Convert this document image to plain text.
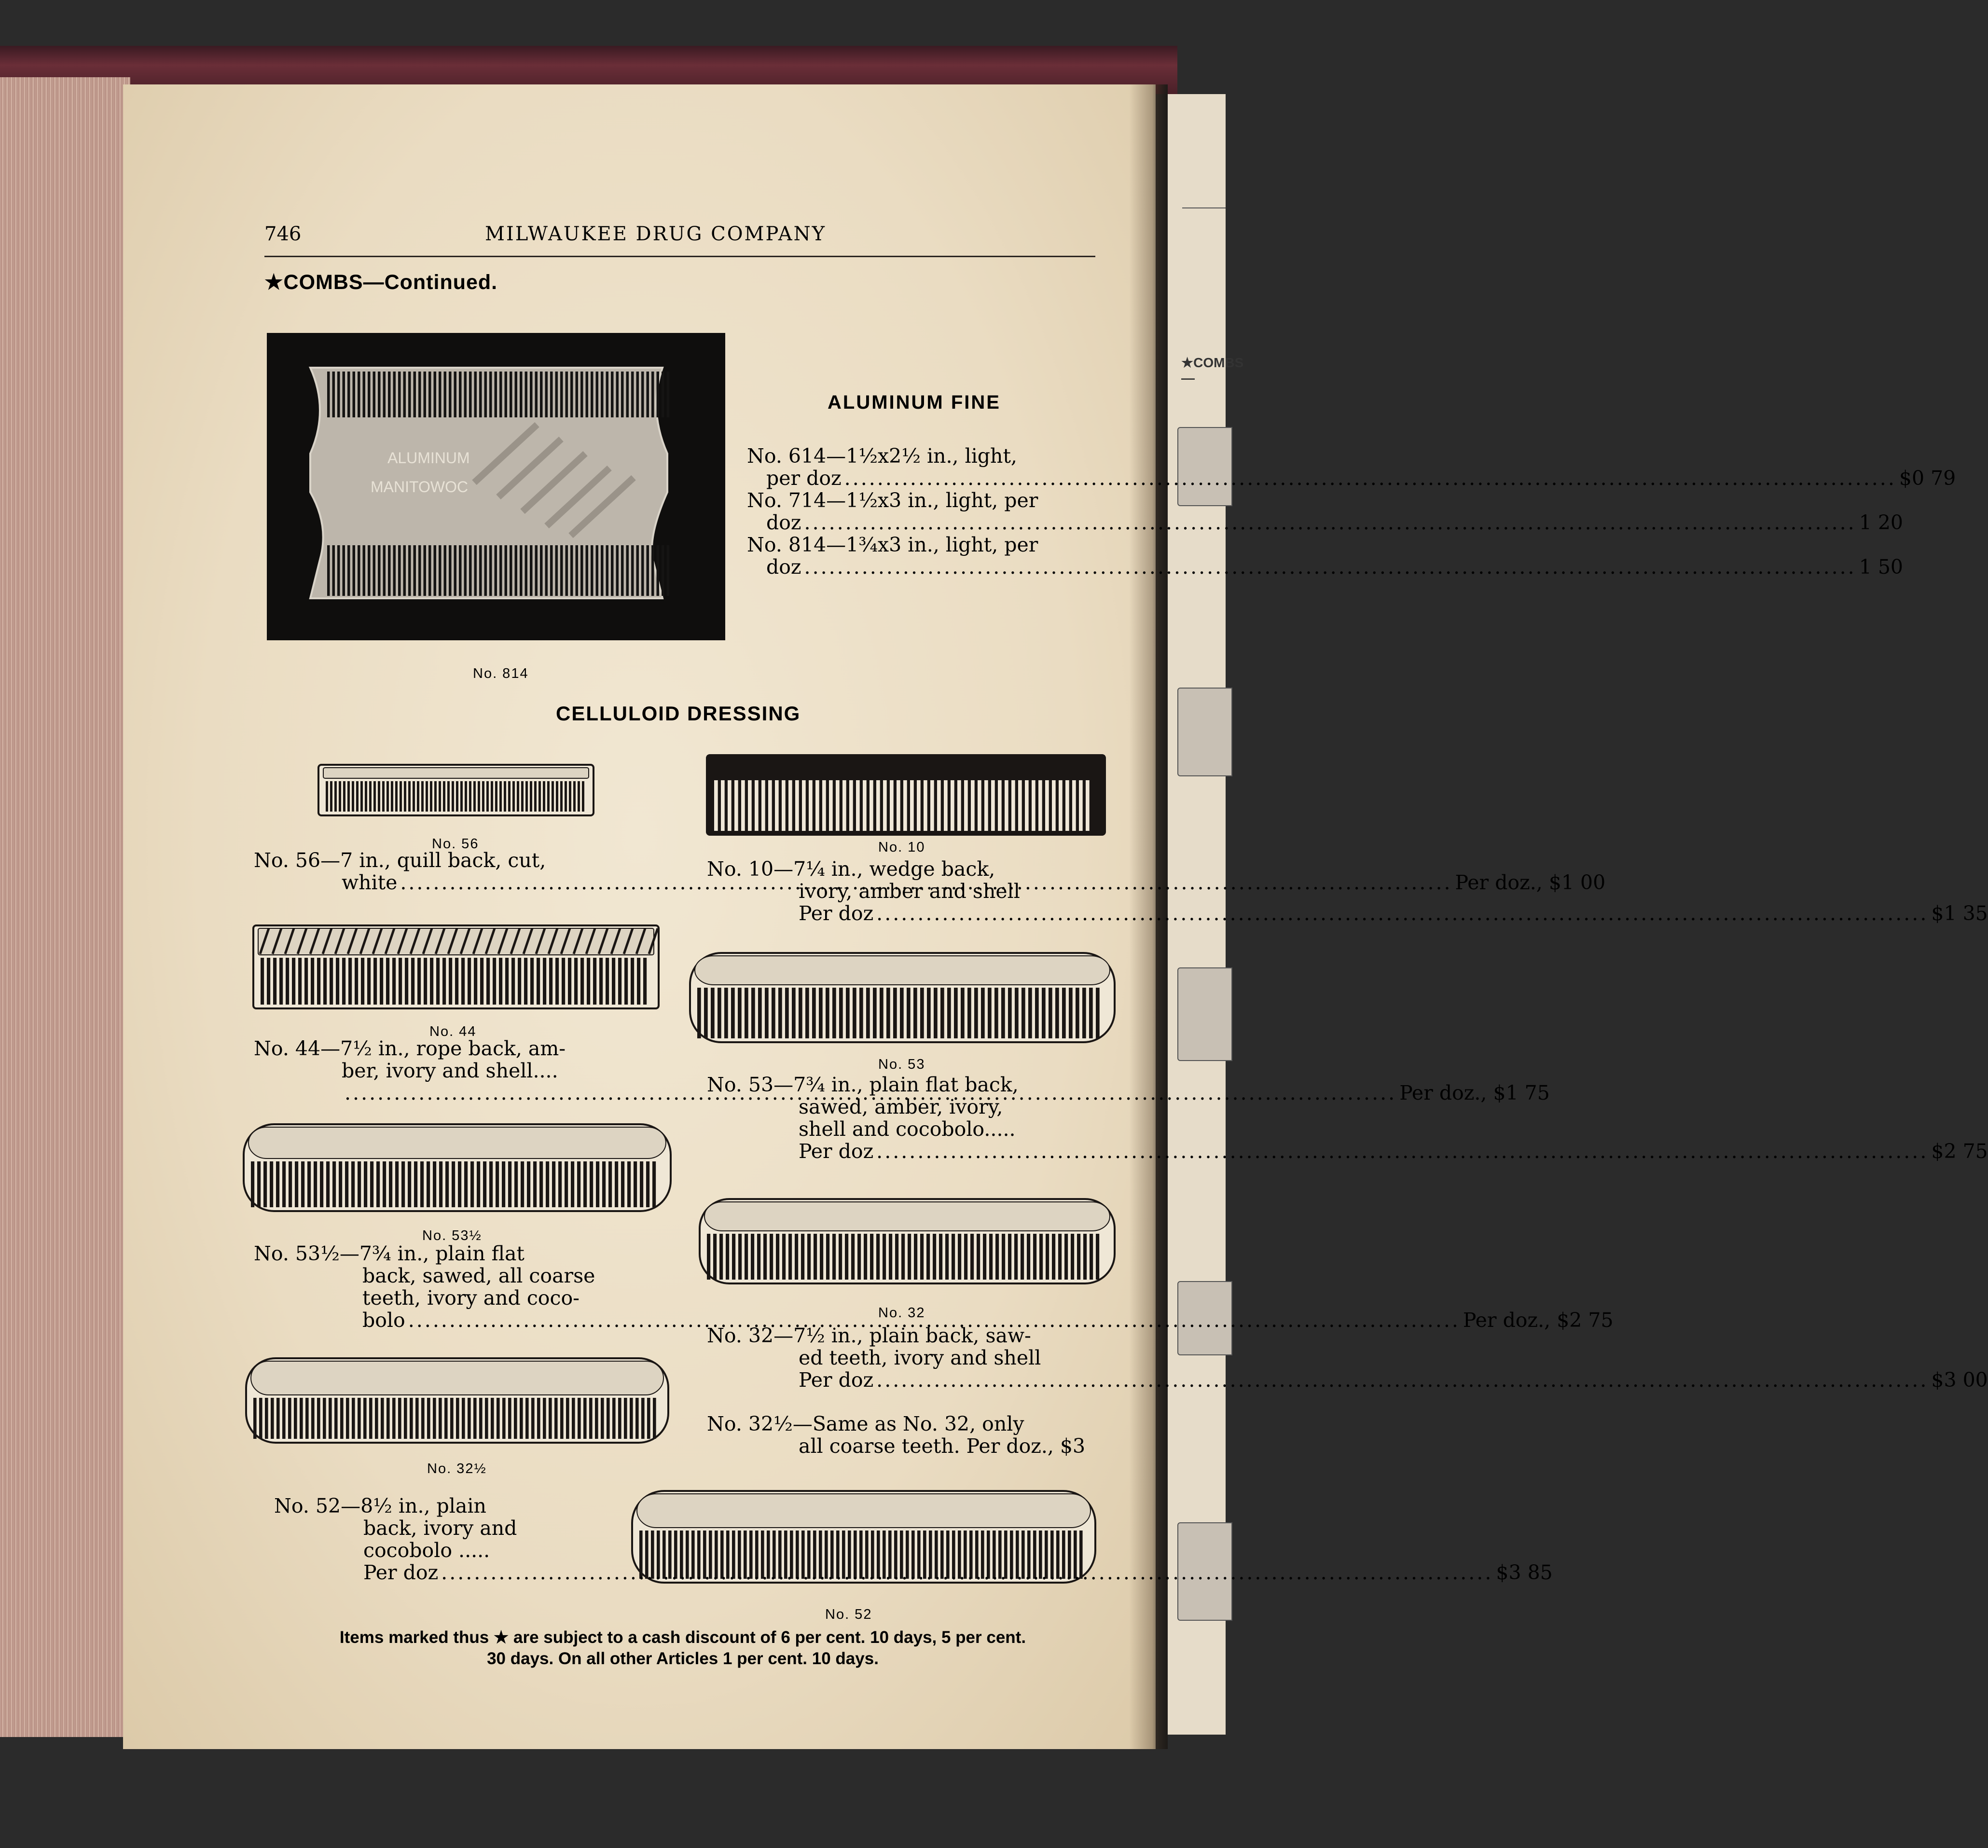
★COMBS—
746	MILWAUKEE DRUG COMPANY
★COMBS—Continued.
ALUMINUM
MANITOWOC
No. 814
ALUMINUM FINE
No. 614—1½x2½ in., light,
per doz .....	$0 79
No. 714—1½x3 in., light, per
doz .....	1 20
No. 814—1¾x3 in., light, per
doz .....	1 50
CELLULOID DRESSING
No. 56
No. 56—7 in., quill back, cut,
white .....	Per doz., $1 00
No. 44
No. 44—7½ in., rope back, am-
ber, ivory and shell....
.....
Per doz., $1 75
No. 53½
No. 53½—7¾ in., plain flat
back, sawed, all coarse
teeth, ivory and coco-
bolo .....	Per doz., $2 75
No. 32½
No. 52—8½ in., plain
back, ivory and
cocobolo .....
Per doz .....	$3 85
No. 10
No. 10—7¼ in., wedge back,
ivory, amber and shell
Per doz .....	$1 35
No. 53
No. 53—7¾ in., plain flat back,
sawed, amber, ivory,
shell and cocobolo.....
Per doz .....	$2 75
No. 32
No. 32—7½ in., plain back, saw-
ed teeth, ivory and shell
Per doz .....	$3 00
No. 32½—Same as No. 32, only
all coarse teeth. Per doz., $3
No. 52
Items marked thus ★ are subject to a cash discount of 6 per cent. 10 days, 5 per cent.
30 days. On all other Articles 1 per cent. 10 days.
